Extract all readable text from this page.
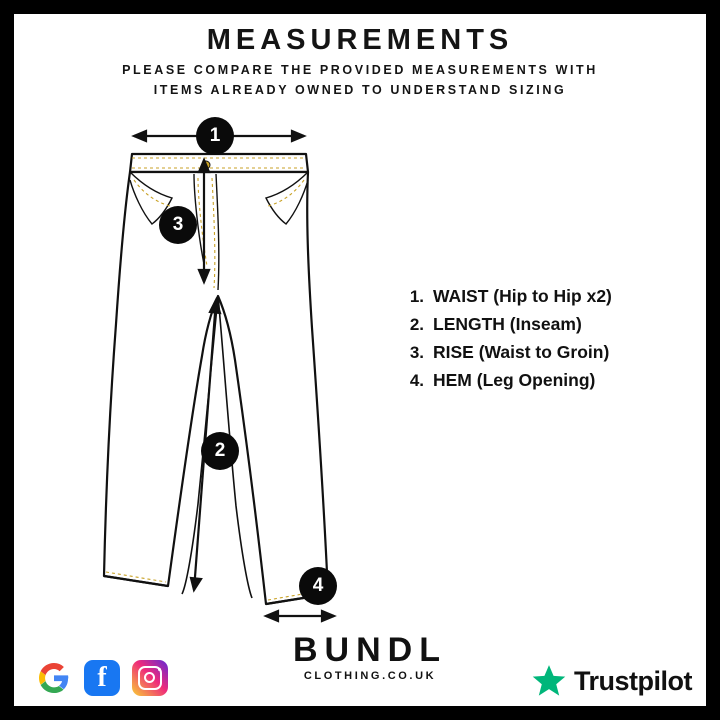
MEASUREMENTS
PLEASE COMPARE THE PROVIDED MEASUREMENTS WITH
ITEMS ALREADY OWNED TO UNDERSTAND SIZING
1
3
2
4
1. WAIST (Hip to Hip x2)
2. LENGTH (Inseam)
3. RISE (Waist to Groin)
4. HEM (Leg Opening)
BUNDL
CLOTHING.CO.UK
f	Trustpilot
